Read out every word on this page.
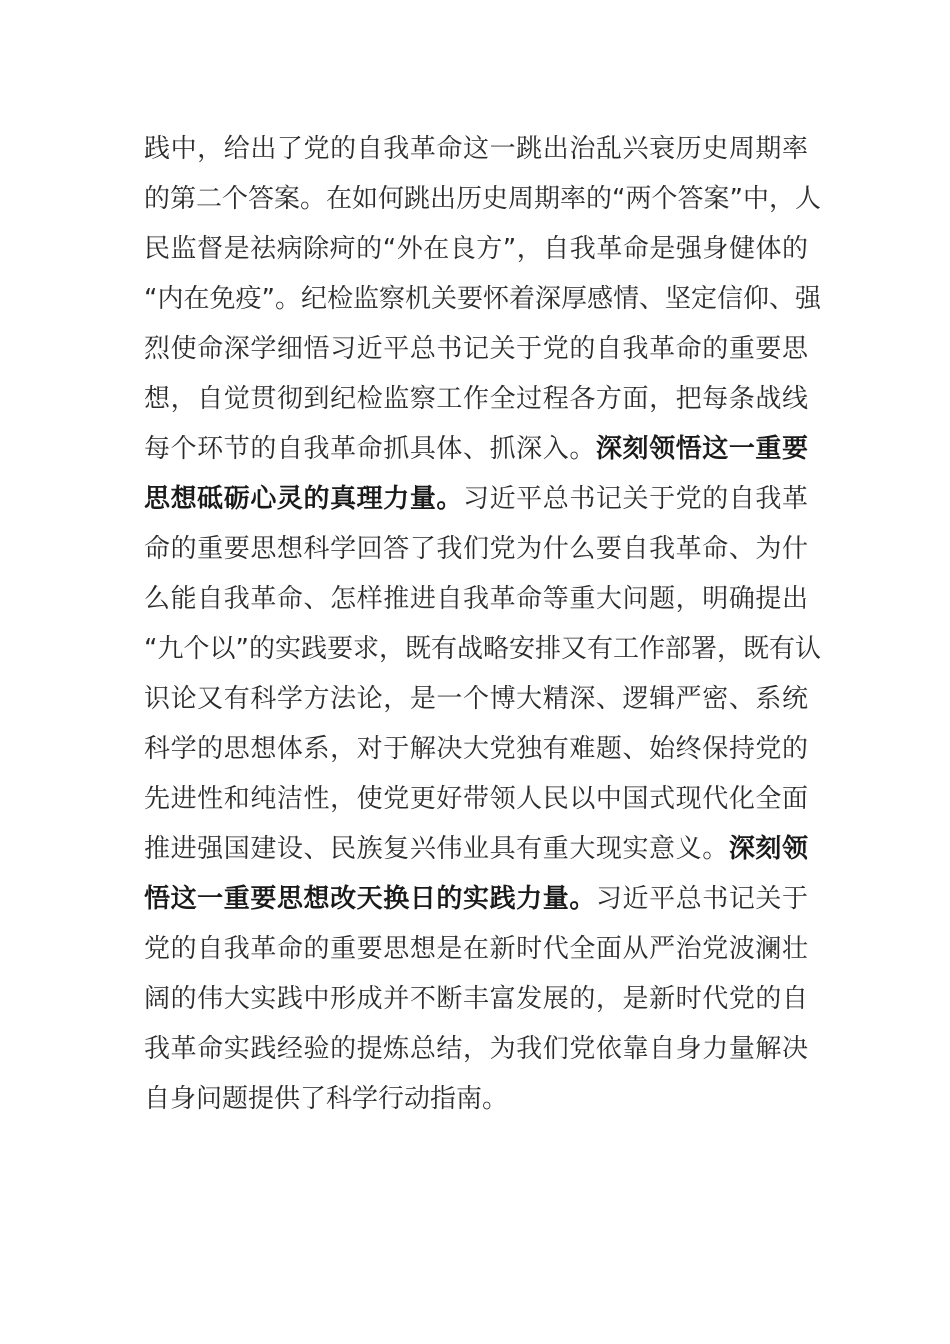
践中，给出了党的自我革命这一跳出治乱兴衰历史周期率
的第二个答案。在如何跳出历史周期率的“两个答案”中，人
民监督是祛病除疴的“外在良方”，自我革命是强身健体的
“内在免疫”。纪检监察机关要怀着深厚感情、坚定信仰、强
烈使命深学细悟习近平总书记关于党的自我革命的重要思
想，自觉贯彻到纪检监察工作全过程各方面，把每条战线
每个环节的自我革命抓具体、抓深入。深刻领悟这一重要
思想砥砺心灵的真理力量。习近平总书记关于党的自我革
命的重要思想科学回答了我们党为什么要自我革命、为什
么能自我革命、怎样推进自我革命等重大问题，明确提出
“九个以”的实践要求，既有战略安排又有工作部署，既有认
识论又有科学方法论，是一个博大精深、逻辑严密、系统
科学的思想体系，对于解决大党独有难题、始终保持党的
先进性和纯洁性，使党更好带领人民以中国式现代化全面
推进强国建设、民族复兴伟业具有重大现实意义。深刻领
悟这一重要思想改天换日的实践力量。习近平总书记关于
党的自我革命的重要思想是在新时代全面从严治党波澜壮
阔的伟大实践中形成并不断丰富发展的，是新时代党的自
我革命实践经验的提炼总结，为我们党依靠自身力量解决
自身问题提供了科学行动指南。
